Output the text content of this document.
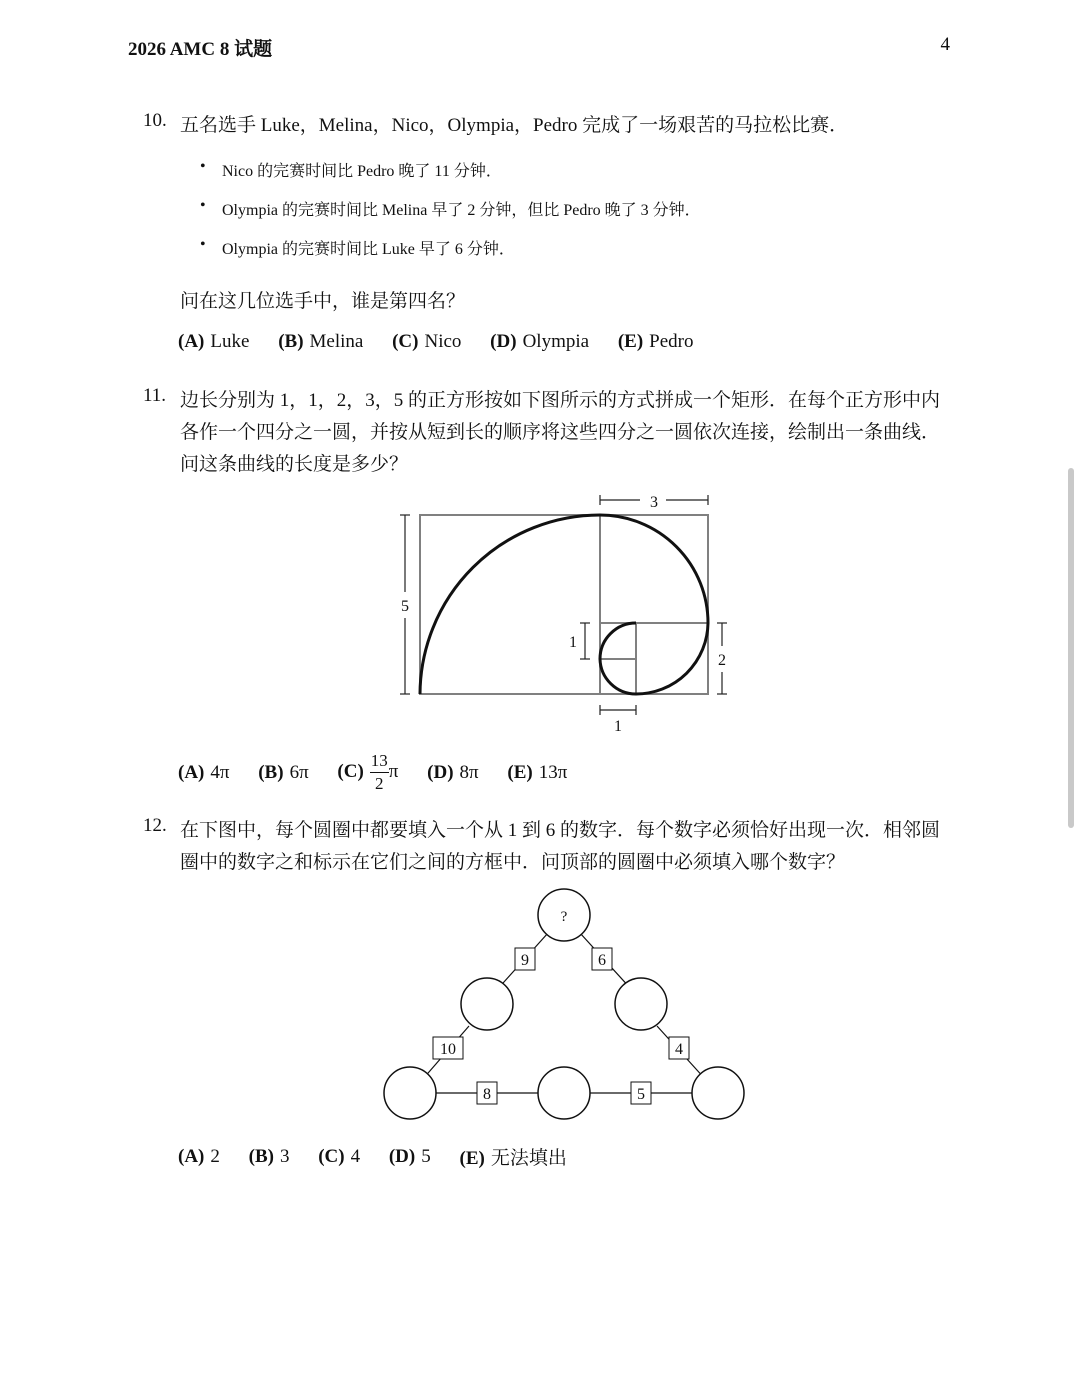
2026 AMC 8 试题	4
10. 五名选手 Luke，Melina，Nico，Olympia，Pedro 完成了一场艰苦的马拉松比赛．
• Nico 的完赛时间比 Pedro 晚了 11 分钟．
• Olympia 的完赛时间比 Melina 早了 2 分钟，但比 Pedro 晚了 3 分钟．
• Olympia 的完赛时间比 Luke 早了 6 分钟．
问在这几位选手中，谁是第四名？
(A) Luke (B) Melina (C) Nico (D) Olympia (E) Pedro
11. 边长分别为 1，1，2，3，5 的正方形按如下图所示的方式拼成一个矩形．在每个正方形中内各作一个四分之一圆，并按从短到长的顺序将这些四分之一圆依次连接，绘制出一条曲线．问这条曲线的长度是多少？
3
5
1
2
1
(A) 4π (B) 6π $(C) \frac{13}{2}$ π (D) 8π (E) 13π
12. 在下图中，每个圆圈中都要填入一个从 1 到 6 的数字．每个数字必须恰好出现一次．相邻圆圈中的数字之和标示在它们之间的方框中．问顶部的圆圈中必须填入哪个数字？
?
9	6
10	4
8	5
(A) 2 (B) 3 (C) 4 (D) 5 (E) 无法填出
